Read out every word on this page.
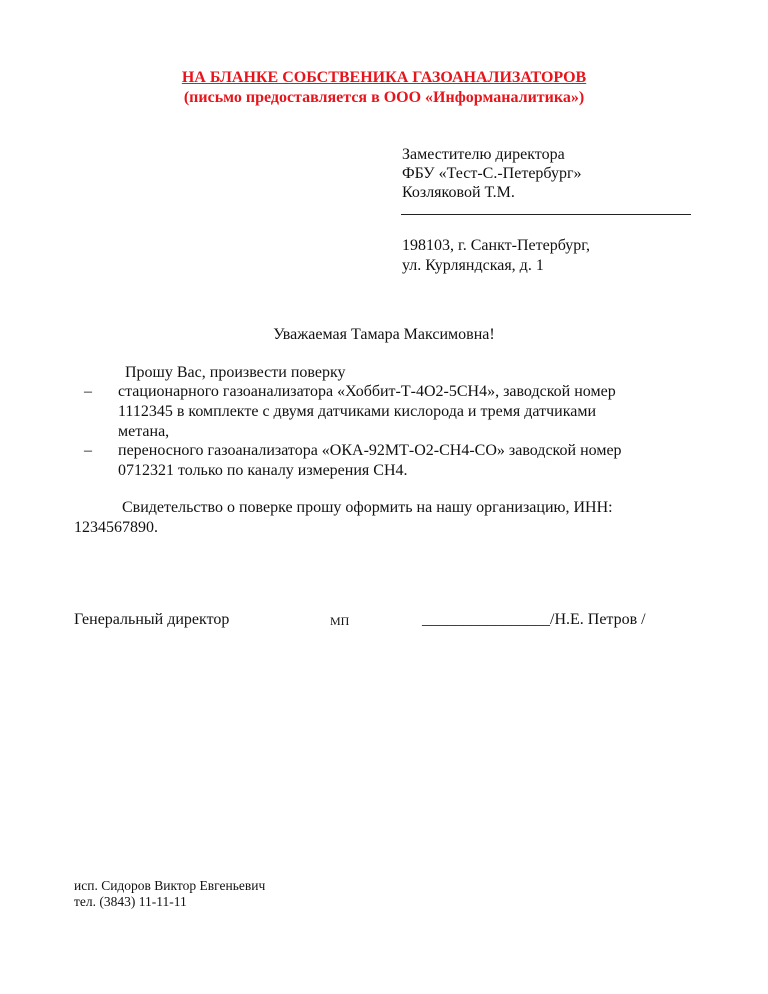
НА БЛАНКЕ СОБСТВЕНИКА ГАЗОАНАЛИЗАТОРОВ
(письмо предоставляется в ООО «Информаналитика»)
Заместителю директора
ФБУ «Тест-С.-Петербург»
Козляковой Т.М.
198103, г. Санкт-Петербург,
ул. Курляндская, д. 1
Уважаемая Тамара Максимовна!
Прошу Вас, произвести поверку
– стационарного газоанализатора «Хоббит-Т-4О2-5СН4», заводской номер
1112345 в комплекте с двумя датчиками кислорода и тремя датчиками
метана,
– переносного газоанализатора «ОКА-92МТ-О2-СН4-СО» заводской номер
0712321 только по каналу измерения СН4.
Свидетельство о поверке прошу оформить на нашу организацию, ИНН:
1234567890.
Генеральный директор	МП	________________/Н.Е. Петров /
исп. Сидоров Виктор Евгеньевич
тел. (3843) 11-11-11
